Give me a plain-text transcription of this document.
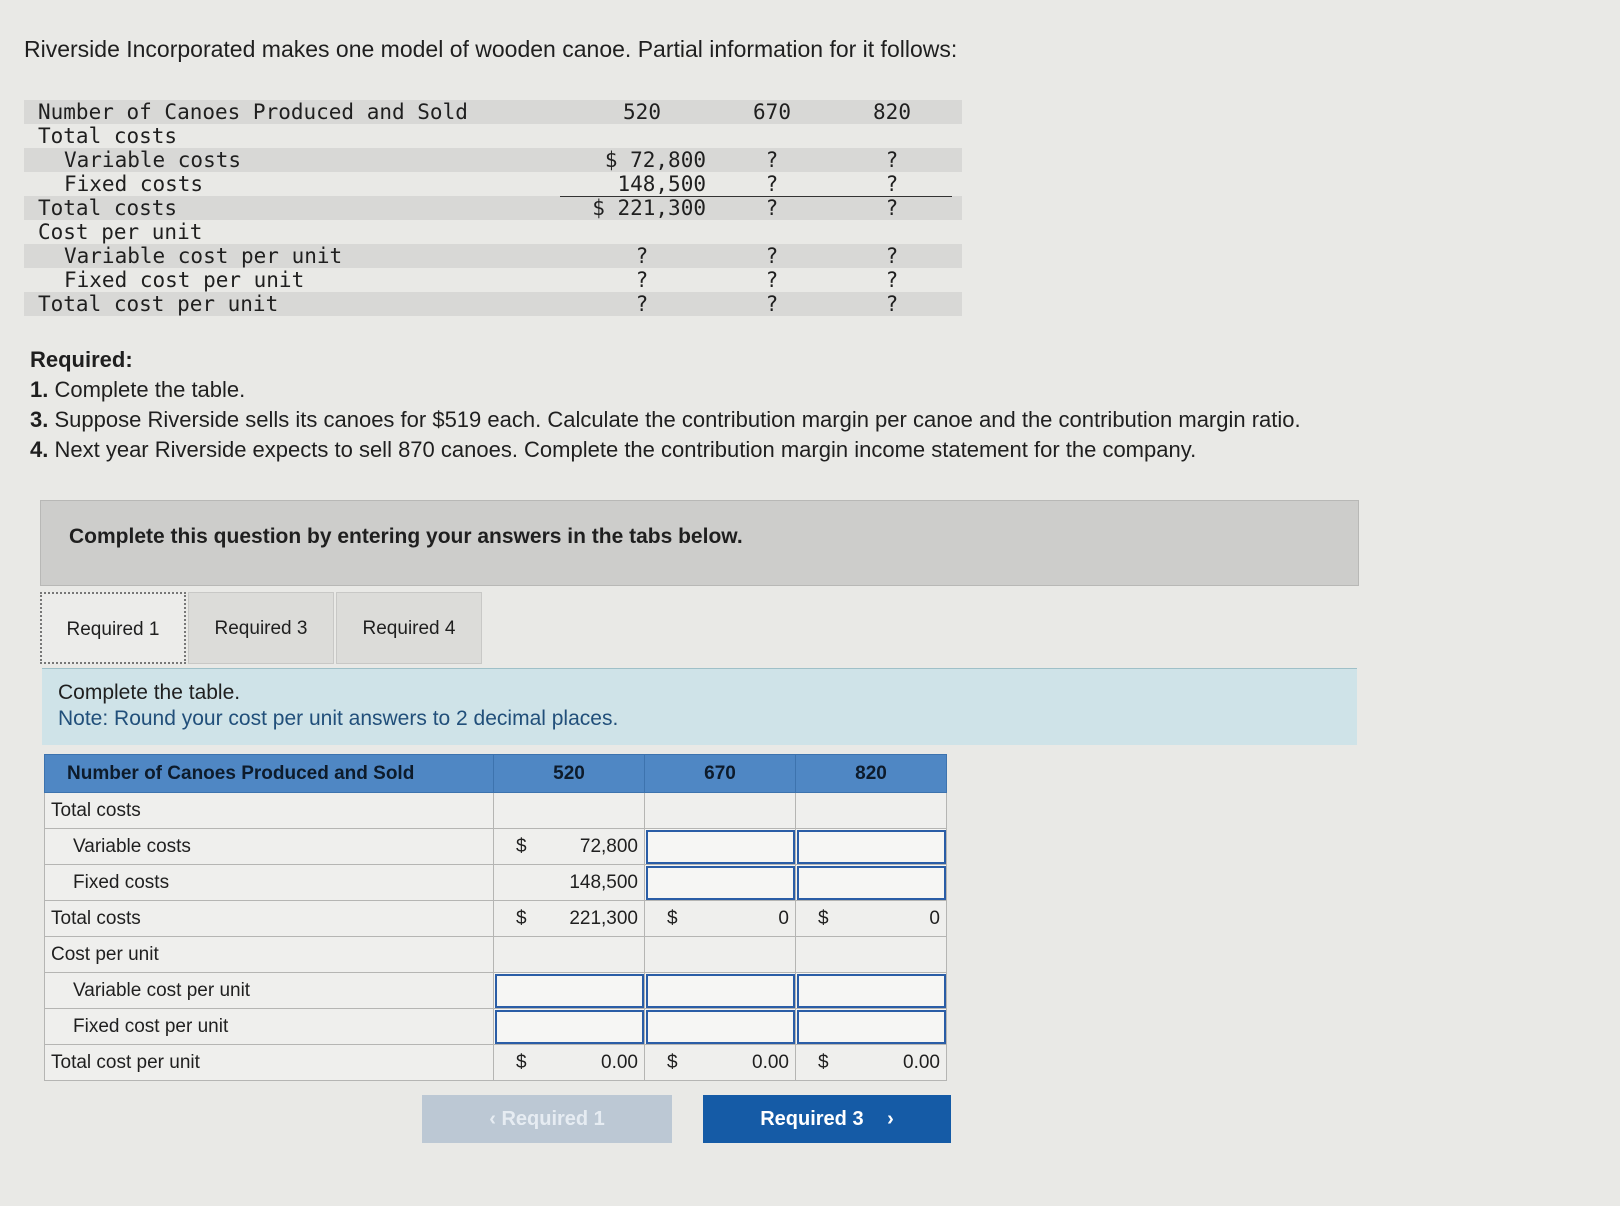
Riverside Incorporated makes one model of wooden canoe. Partial information for it follows:
Number of Canoes Produced and Sold	520	670	820
Total costs
Variable costs	$ 72,800	?	?
Fixed costs	148,500	?	?
Total costs	$ 221,300	?	?
Cost per unit
Variable cost per unit	?	?	?
Fixed cost per unit	?	?	?
Total cost per unit	?	?	?
Required:
1. Complete the table.
3. Suppose Riverside sells its canoes for $519 each. Calculate the contribution margin per canoe and the contribution margin ratio.
4. Next year Riverside expects to sell 870 canoes. Complete the contribution margin income statement for the company.
Complete this question by entering your answers in the tabs below.
Required 1	Required 3	Required 4
Complete the table.
Note: Round your cost per unit answers to 2 decimal places.
Number of Canoes Produced and Sold	520	670	820
Total costs			
Variable costs	$ 72,800		

Fixed costs	148,500		

Total costs	$ 221,300	$ 0	$ 0

Cost per unit			
Variable cost per unit			
Fixed cost per unit			
Total cost per unit	$ 0.00	$ 0.00	$ 0.00
‹ Required 1	Required 3 ›
